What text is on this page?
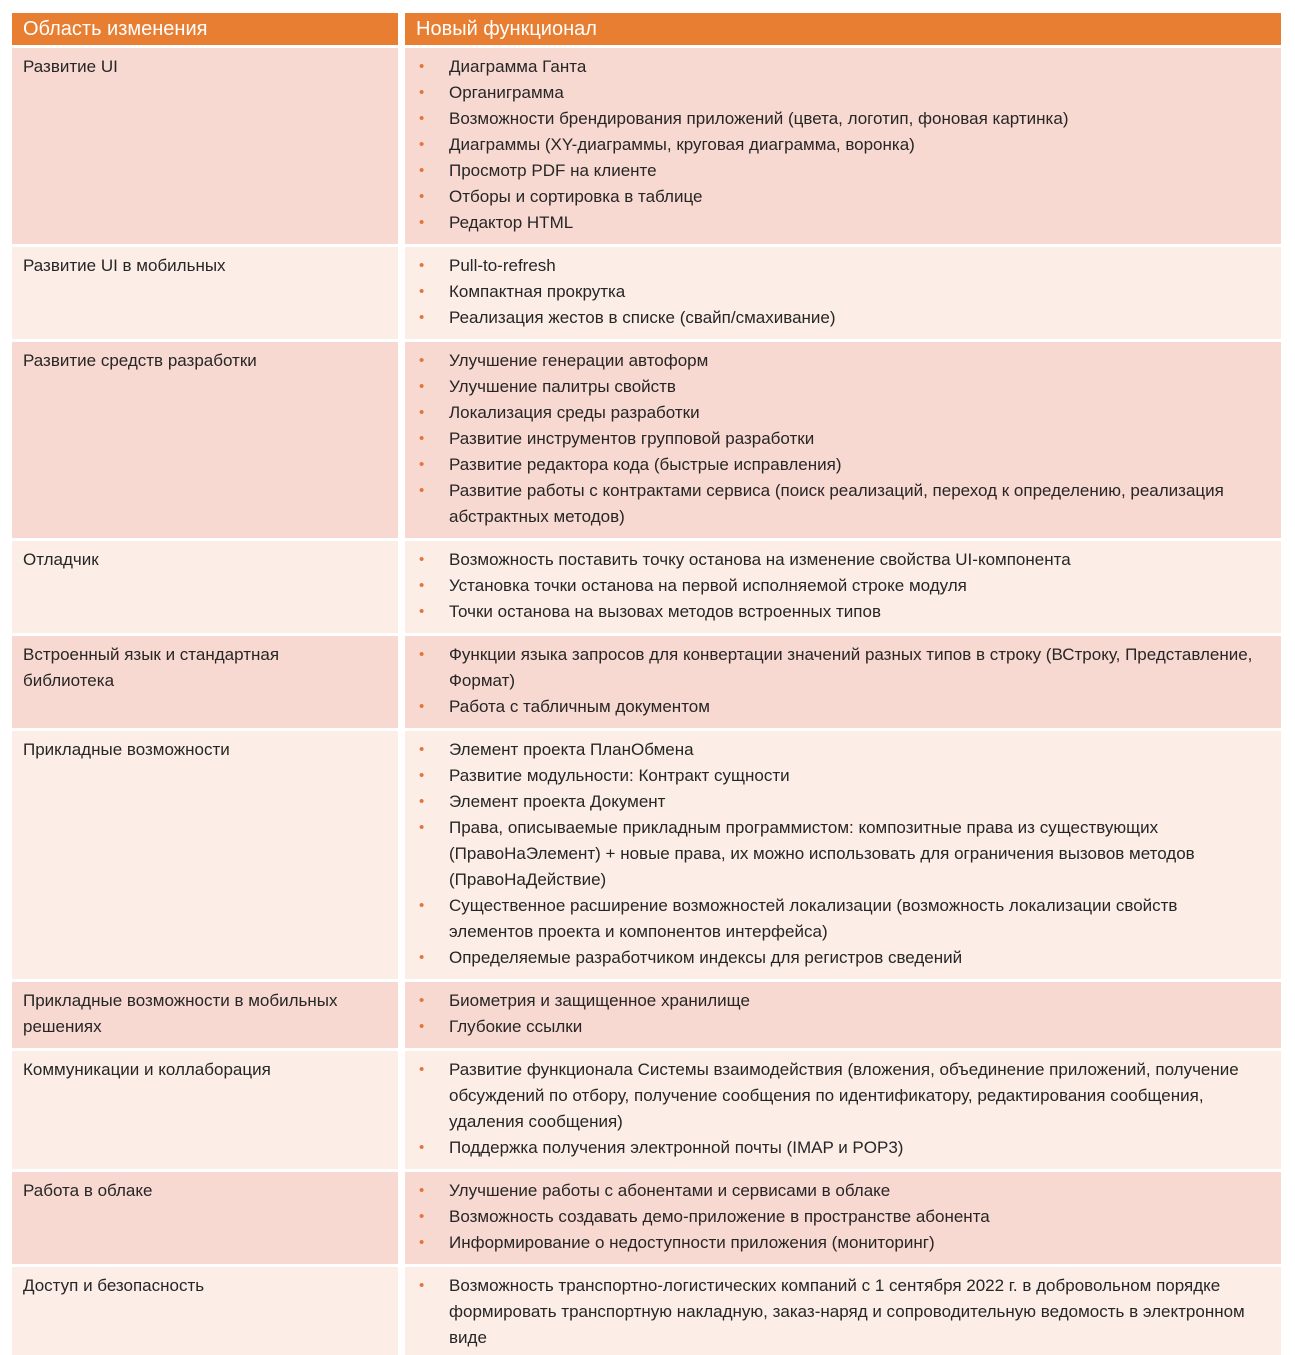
Область изменения	Новый функционал
Развитие UI	• Диаграмма Ганта
• Органиграмма
• Возможности брендирования приложений (цвета, логотип, фоновая картинка)
• Диаграммы (XY-диаграммы, круговая диаграмма, воронка)
• Просмотр PDF на клиенте
• Отборы и сортировка в таблице
• Редактор HTML
Развитие UI в мобильных	• Pull-to-refresh
• Компактная прокрутка
• Реализация жестов в списке (свайп/смахивание)
Развитие средств разработки	• Улучшение генерации автоформ
• Улучшение палитры свойств
• Локализация среды разработки
• Развитие инструментов групповой разработки
• Развитие редактора кода (быстрые исправления)
• Развитие работы с контрактами сервиса (поиск реализаций, переход к определению, реализация абстрактных методов)
Отладчик	• Возможность поставить точку останова на изменение свойства UI-компонента
• Установка точки останова на первой исполняемой строке модуля
• Точки останова на вызовах методов встроенных типов
Встроенный язык и стандартная библиотека
• Функции языка запросов для конвертации значений разных типов в строку (ВСтроку, Представление, Формат)
• Работа с табличным документом
Прикладные возможности	• Элемент проекта ПланОбмена
• Развитие модульности: Контракт сущности
• Элемент проекта Документ
• Права, описываемые прикладным программистом: композитные права из существующих (ПравоНаЭлемент) + новые права, их можно использовать для ограничения вызовов методов (ПравоНаДействие)
• Существенное расширение возможностей локализации (возможность локализации свойств элементов проекта и компонентов интерфейса)
• Определяемые разработчиком индексы для регистров сведений
Прикладные возможности в мобильных решениях
• Биометрия и защищенное хранилище
• Глубокие ссылки
Коммуникации и коллаборация	• Развитие функционала Системы взаимодействия (вложения, объединение приложений, получение обсуждений по отбору, получение сообщения по идентификатору, редактирования сообщения, удаления сообщения)
• Поддержка получения электронной почты (IMAP и POP3)
Работа в облаке	• Улучшение работы с абонентами и сервисами в облаке
• Возможность создавать демо-приложение в пространстве абонента
• Информирование о недоступности приложения (мониторинг)
Доступ и безопасность	• Возможность транспортно-логистических компаний с 1 сентября 2022 г. в добровольном порядке формировать транспортную накладную, заказ-наряд и сопроводительную ведомость в электронном виде
